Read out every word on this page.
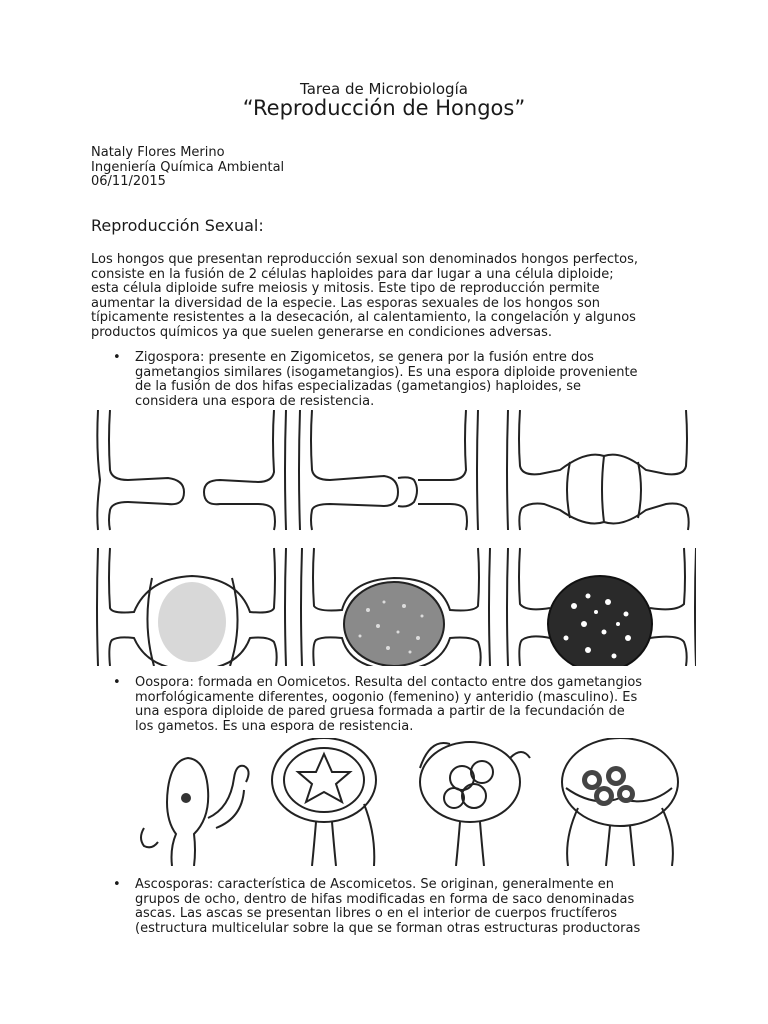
Tarea de Microbiología
“Reproducción de Hongos”
Nataly Flores Merino
Ingeniería Química Ambiental
06/11/2015
Reproducción Sexual:
Los hongos que presentan reproducción sexual son denominados hongos perfectos,
consiste en la fusión de 2 células haploides para dar lugar a una célula diploide;
esta célula diploide sufre meiosis y mitosis. Este tipo de reproducción permite
aumentar la diversidad de la especie. Las esporas sexuales de los hongos son
típicamente resistentes a la desecación, al calentamiento, la congelación y algunos
productos químicos ya que suelen generarse en condiciones adversas.
• Zigospora: presente en Zigomicetos, se genera por la fusión entre dos
gametangios similares (isogametangios). Es una espora diploide proveniente
de la fusión de dos hifas especializadas (gametangios) haploides, se
considera una espora de resistencia.
• Oospora: formada en Oomicetos. Resulta del contacto entre dos gametangios
morfológicamente diferentes, oogonio (femenino) y anteridio (masculino). Es
una espora diploide de pared gruesa formada a partir de la fecundación de
los gametos. Es una espora de resistencia.
• Ascosporas: característica de Ascomicetos. Se originan, generalmente en
grupos de ocho, dentro de hifas modificadas en forma de saco denominadas
ascas. Las ascas se presentan libres o en el interior de cuerpos fructíferos
(estructura multicelular sobre la que se forman otras estructuras productoras
